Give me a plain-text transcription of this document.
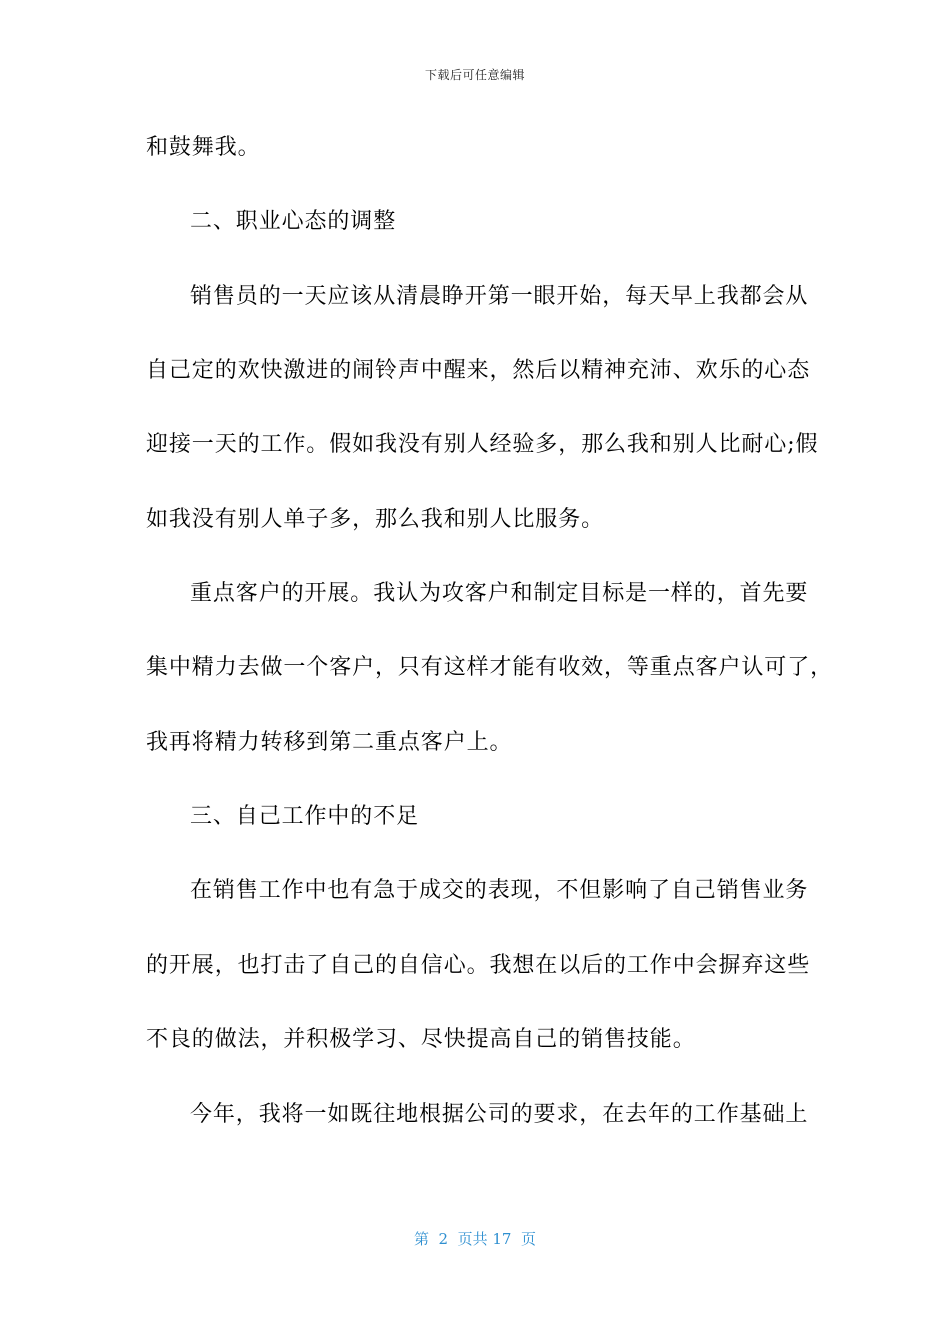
下载后可任意编辑
和鼓舞我。
二、职业心态的调整
销售员的一天应该从清晨睁开第一眼开始，每天早上我都会从
自己定的欢快激进的闹铃声中醒来，然后以精神充沛、欢乐的心态
迎接一天的工作。假如我没有别人经验多，那么我和别人比耐心;假
如我没有别人单子多，那么我和别人比服务。
重点客户的开展。我认为攻客户和制定目标是一样的，首先要
集中精力去做一个客户，只有这样才能有收效，等重点客户认可了，
我再将精力转移到第二重点客户上。
三、自己工作中的不足
在销售工作中也有急于成交的表现，不但影响了自己销售业务
的开展，也打击了自己的自信心。我想在以后的工作中会摒弃这些
不良的做法，并积极学习、尽快提高自己的销售技能。
今年，我将一如既往地根据公司的要求，在去年的工作基础上
第  2  页共 17  页
